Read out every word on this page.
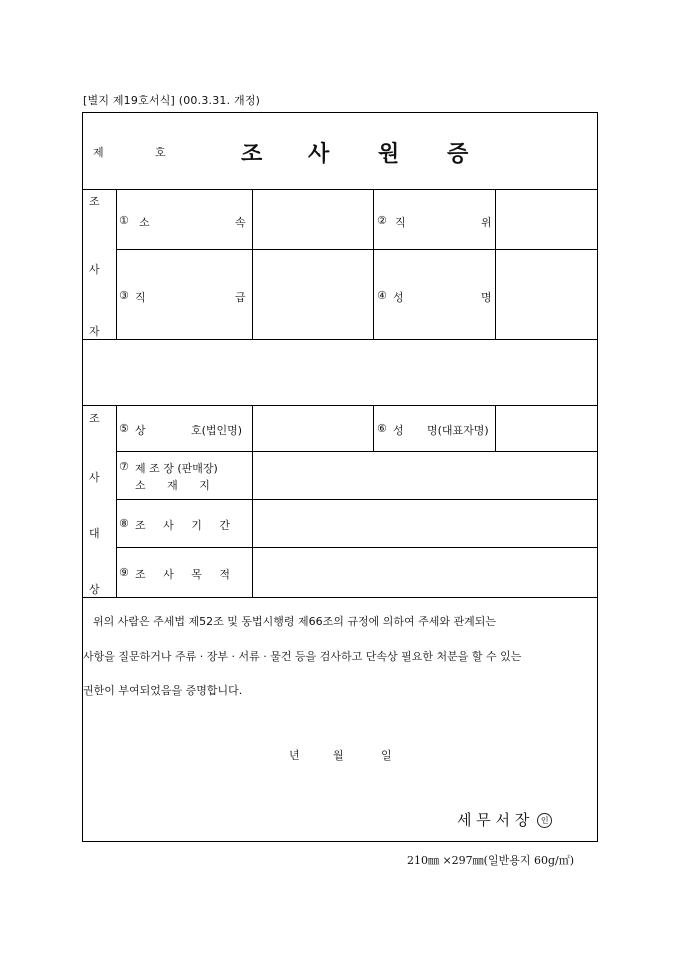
[별지 제19호서식] (00.3.31. 개정)
제	호	조 사 원 증
조
사
자
① 소	속	② 직	위
③ 직	급	④ 성	명
조
사
대
상
⑤ 상	호(법인명)	⑥ 성 명(대표자명)
⑦ 제 조 장 (판매장)
소 재 지
⑧ 조 사 기 간
⑨ 조 사 목 적
위의 사람은 주세법 제52조 및 동법시행령 제66조의 규정에 의하여 주세와 관계되는
사항을 질문하거나 주류 · 장부 · 서류 · 물건 등을 검사하고 단속상 필요한 처분을 할 수 있는
권한이 부여되었음을 증명합니다.
년	월	일
세 무 서 장 인
210㎜ ×297㎜(일반용지 60g/㎡)
